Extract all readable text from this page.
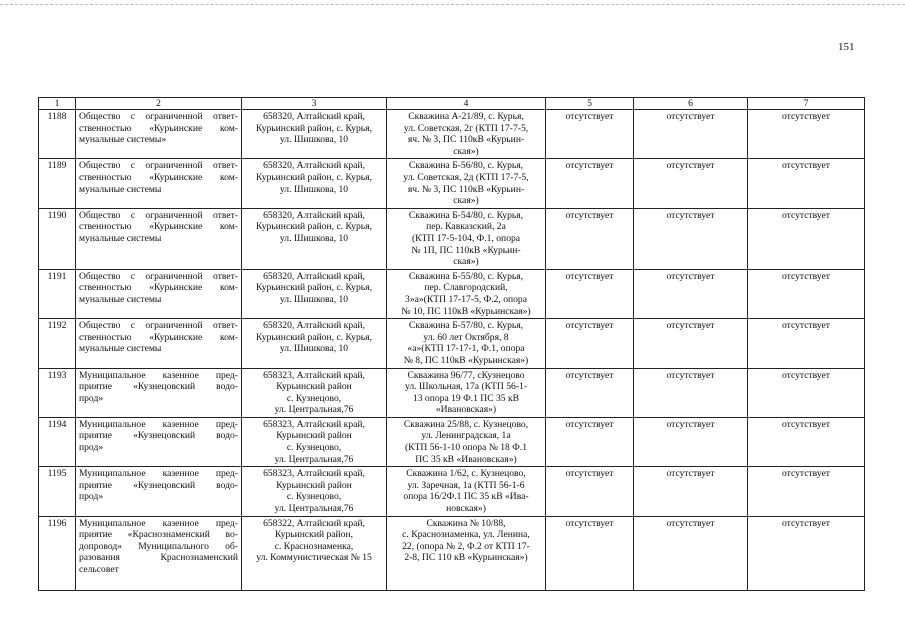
151
1	2	3	4	5	6	7
1188	Общество с ограниченной ответ-
ственностью «Курьинские ком-
мунальные системы»	658320, Алтайский край,
Курьинский район, с. Курья,
ул. Шишкова, 10	Скважина А-21/89, с. Курья,
ул. Советская, 2г (КТП 17-7-5,
яч. № 3, ПС 110кВ «Курьин-
ская»)	отсутствует	отсутствует	отсутствует
1189	Общество с ограниченной ответ-
ственностью «Курьинские ком-
мунальные системы	658320, Алтайский край,
Курьинский район, с. Курья,
ул. Шишкова, 10	Скважина Б-56/80, с. Курья,
ул. Советская, 2д (КТП 17-7-5,
яч. № 3, ПС 110кВ «Курьин-
ская»)	отсутствует	отсутствует	отсутствует
1190	Общество с ограниченной ответ-
ственностью «Курьинские ком-
мунальные системы	658320, Алтайский край,
Курьинский район, с. Курья,
ул. Шишкова, 10	Скважина Б-54/80, с. Курья,
пер. Кавказский, 2а
(КТП 17-5-104, Ф.1, опора
№ 1П, ПС 110кВ «Курьин-
ская»)	отсутствует	отсутствует	отсутствует
1191	Общество с ограниченной ответ-
ственностью «Курьинские ком-
мунальные системы	658320, Алтайский край,
Курьинский район, с. Курья,
ул. Шишкова, 10	Скважина Б-55/80, с. Курья,
пер. Славгородский,
3»а»(КТП 17-17-5, Ф.2, опора
№ 10, ПС 110кВ «Курьинская»)	отсутствует	отсутствует	отсутствует
1192	Общество с ограниченной ответ-
ственностью «Курьинские ком-
мунальные системы	658320, Алтайский край,
Курьинский район, с. Курья,
ул. Шишкова, 10	Скважина Б-57/80, с. Курья,
ул. 60 лет Октября, 8
«а»(КТП 17-17-1, Ф.1, опора
№ 8, ПС 110кВ «Курьинская»)	отсутствует	отсутствует	отсутствует
1193	Муниципальное казенное пред-
приятие «Кузнецовский водо-
прод»	658323, Алтайский край,
Курьинский район
с. Кузнецово,
ул. Центральная,76	Скважина 96/77, сКузнецово
ул. Школьная, 17а (КТП 56-1-
13 опора 19 Ф.1 ПС 35 кВ
«Ивановская»)	отсутствует	отсутствует	отсутствует
1194	Муниципальное казенное пред-
приятие «Кузнецовский водо-
прод»	658323, Алтайский край,
Курьинский район
с. Кузнецово,
ул. Центральная,76	Скважина 25/88, с. Кузнецово,
ул. Ленинградская, 1а
(КТП 56-1-10 опора № 18 Ф.1
ПС 35 кВ «Ивановская»)	отсутствует	отсутствует	отсутствует
1195	Муниципальное казенное пред-
приятие «Кузнецовский водо-
прод»	658323, Алтайский край,
Курьинский район
с. Кузнецово,
ул. Центральная,76	Скважина 1/62, с. Кузнецово,
ул. Заречная, 1а (КТП 56-1-6
опора 16/2Ф.1 ПС 35 кВ «Ива-
новская»)	отсутствует	отсутствует	отсутствует
1196	Муниципальное казенное пред-
приятие «Краснознаменский во-
допровод» Муниципального об-
разования Краснознаменский
сельсовет	658322, Алтайский край,
Курьинский район,
с. Краснознаменка,
ул. Коммунистическая № 15	Скважина № 10/88,
с. Краснознаменка, ул. Ленина,
22, (опора № 2, Ф.2 от КТП 17-
2-8, ПС 110 кВ «Курьинская»)	отсутствует	отсутствует	отсутствует
